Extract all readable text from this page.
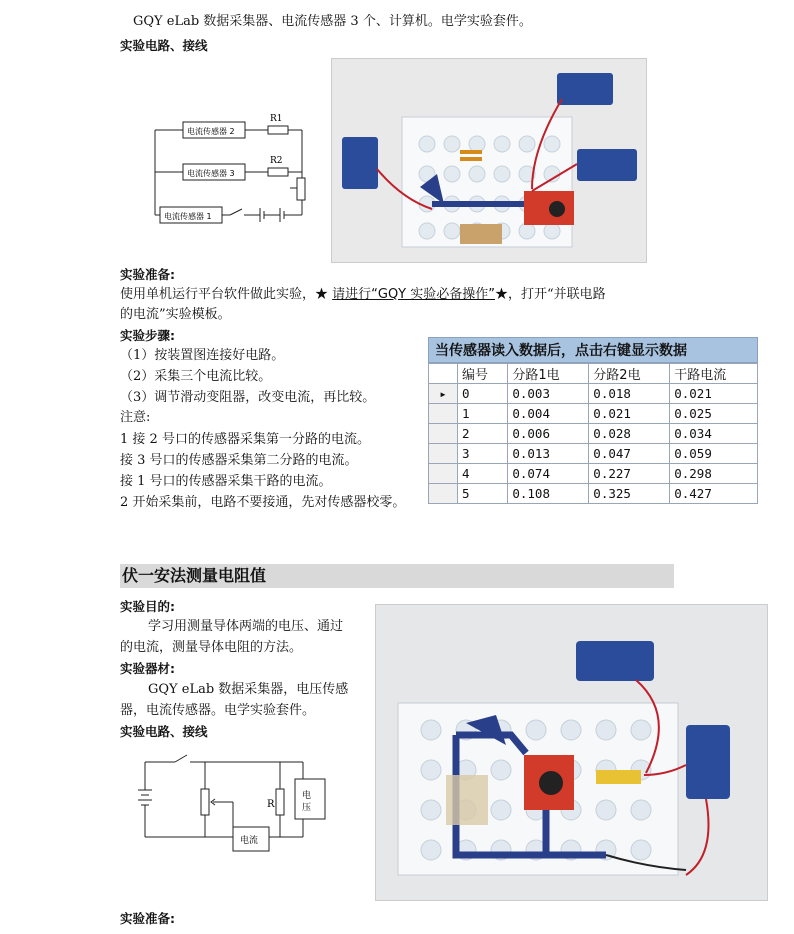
GQY eLab 数据采集器、电流传感器 3 个、计算机。电学实验套件。
实验电路、接线
电流传感器 2
电流传感器 3
电流传感器 1
R1
R2
实验准备:
使用单机运行平台软件做此实验，★ 请进行“GQY 实验必备操作”★，打开“并联电路
的电流”实验模板。
实验步骤:
（1）按装置图连接好电路。
（2）采集三个电流比较。
（3）调节滑动变阻器，改变电流，再比较。
注意:
1 接 2 号口的传感器采集第一分路的电流。
接 3 号口的传感器采集第二分路的电流。
接 1 号口的传感器采集干路的电流。
2 开始采集前，电路不要接通，先对传感器校零。
当传感器读入数据后，点击右键显示数据
	编号	分路1电	分路2电	干路电流
▸	0	0.003	0.018	0.021
	1	0.004	0.021	0.025
	2	0.006	0.028	0.034
	3	0.013	0.047	0.059
	4	0.074	0.227	0.298
	5	0.108	0.325	0.427
伏一安法测量电阻值
实验目的:
学习用测量导体两端的电压、通过
的电流，测量导体电阻的方法。
实验器材:
GQY eLab 数据采集器，电压传感
器，电流传感器。电学实验套件。
实验电路、接线
R
电
压
电流
实验准备:
